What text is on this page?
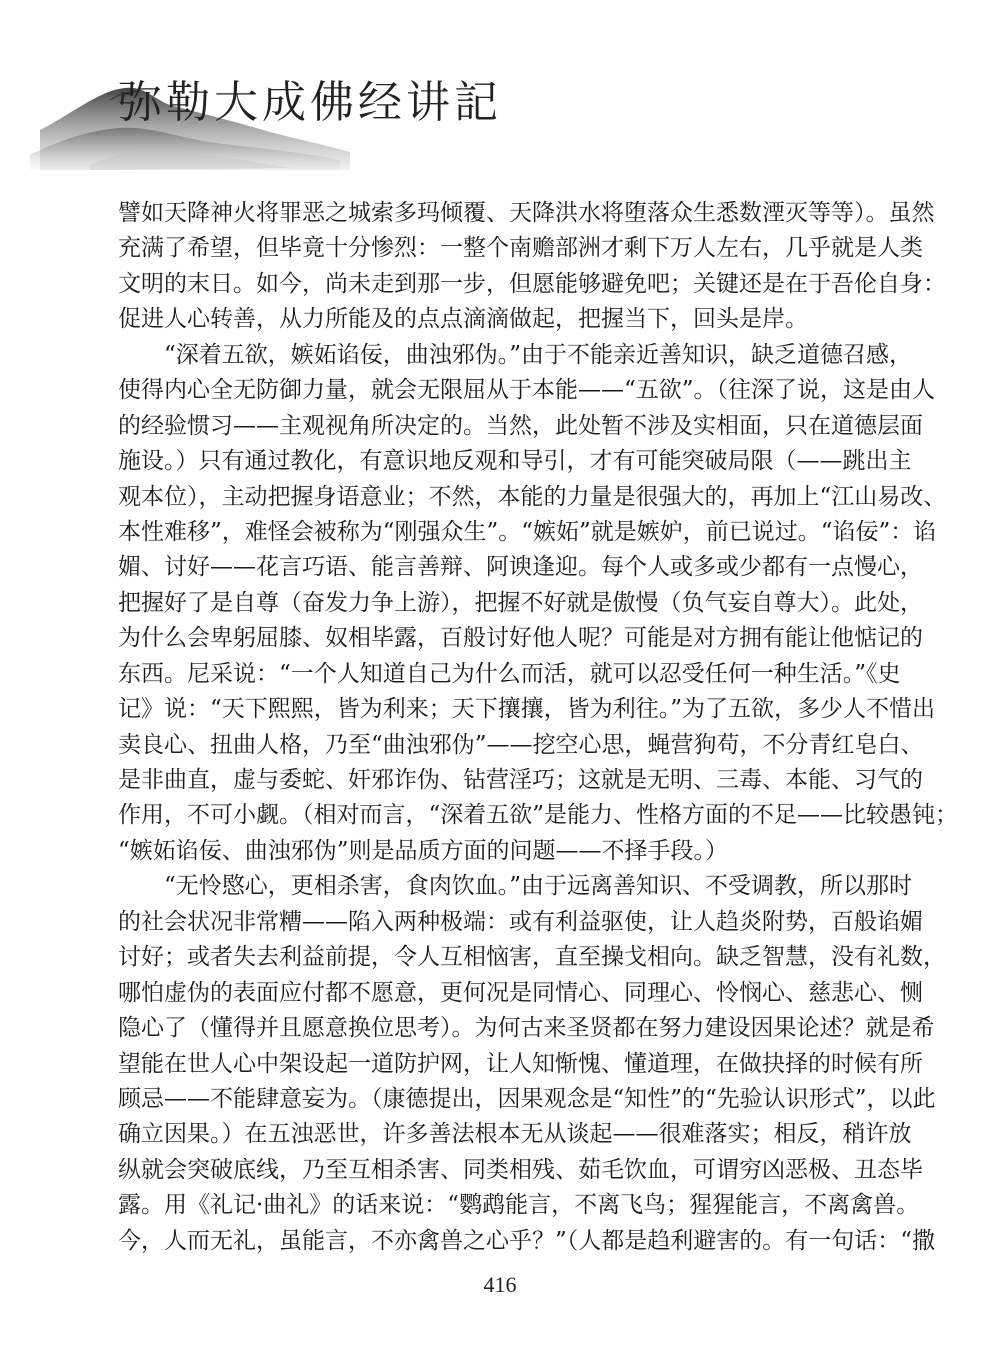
弥勒大成佛经讲記
譬如天降神火将罪恶之城索多玛倾覆、天降洪水将堕落众生悉数湮灭等等）。虽然
充满了希望，但毕竟十分惨烈：一整个南赡部洲才剩下万人左右，几乎就是人类
文明的末日。如今，尚未走到那一步，但愿能够避免吧；关键还是在于吾伦自身：
促进人心转善，从力所能及的点点滴滴做起，把握当下，回头是岸。
　　“深着五欲，嫉妬谄佞，曲浊邪伪。”由于不能亲近善知识，缺乏道德召感，
使得内心全无防御力量，就会无限屈从于本能——“五欲”。（往深了说，这是由人
的经验惯习——主观视角所决定的。当然，此处暂不涉及实相面，只在道德层面
施设。）只有通过教化，有意识地反观和导引，才有可能突破局限（——跳出主
观本位），主动把握身语意业；不然，本能的力量是很强大的，再加上“江山易改、
本性难移”，难怪会被称为“刚强众生”。“嫉妬”就是嫉妒，前已说过。“谄佞”：谄
媚、讨好——花言巧语、能言善辩、阿谀逢迎。每个人或多或少都有一点慢心，
把握好了是自尊（奋发力争上游），把握不好就是傲慢（负气妄自尊大）。此处，
为什么会卑躬屈膝、奴相毕露，百般讨好他人呢？可能是对方拥有能让他惦记的
东西。尼采说：“一个人知道自己为什么而活，就可以忍受任何一种生活。”《史
记》说：“天下熙熙，皆为利来；天下攘攘，皆为利往。”为了五欲，多少人不惜出
卖良心、扭曲人格，乃至“曲浊邪伪”——挖空心思，蝇营狗苟，不分青红皂白、
是非曲直，虚与委蛇、奸邪诈伪、钻营淫巧；这就是无明、三毒、本能、习气的
作用，不可小觑。（相对而言，“深着五欲”是能力、性格方面的不足——比较愚钝；
“嫉妬谄佞、曲浊邪伪”则是品质方面的问题——不择手段。）
　　“无怜愍心，更相杀害，食肉饮血。”由于远离善知识、不受调教，所以那时
的社会状况非常糟——陷入两种极端：或有利益驱使，让人趋炎附势，百般谄媚
讨好；或者失去利益前提，令人互相恼害，直至操戈相向。缺乏智慧，没有礼数，
哪怕虚伪的表面应付都不愿意，更何况是同情心、同理心、怜悯心、慈悲心、恻
隐心了（懂得并且愿意换位思考）。为何古来圣贤都在努力建设因果论述？就是希
望能在世人心中架设起一道防护网，让人知惭愧、懂道理，在做抉择的时候有所
顾忌——不能肆意妄为。（康德提出，因果观念是“知性”的“先验认识形式”，以此
确立因果。）在五浊恶世，许多善法根本无从谈起——很难落实；相反，稍许放
纵就会突破底线，乃至互相杀害、同类相残、茹毛饮血，可谓穷凶恶极、丑态毕
露。用《礼记·曲礼》的话来说：“鹦鹉能言，不离飞鸟；猩猩能言，不离禽兽。
今，人而无礼，虽能言，不亦禽兽之心乎？”（人都是趋利避害的。有一句话：“撒
416
